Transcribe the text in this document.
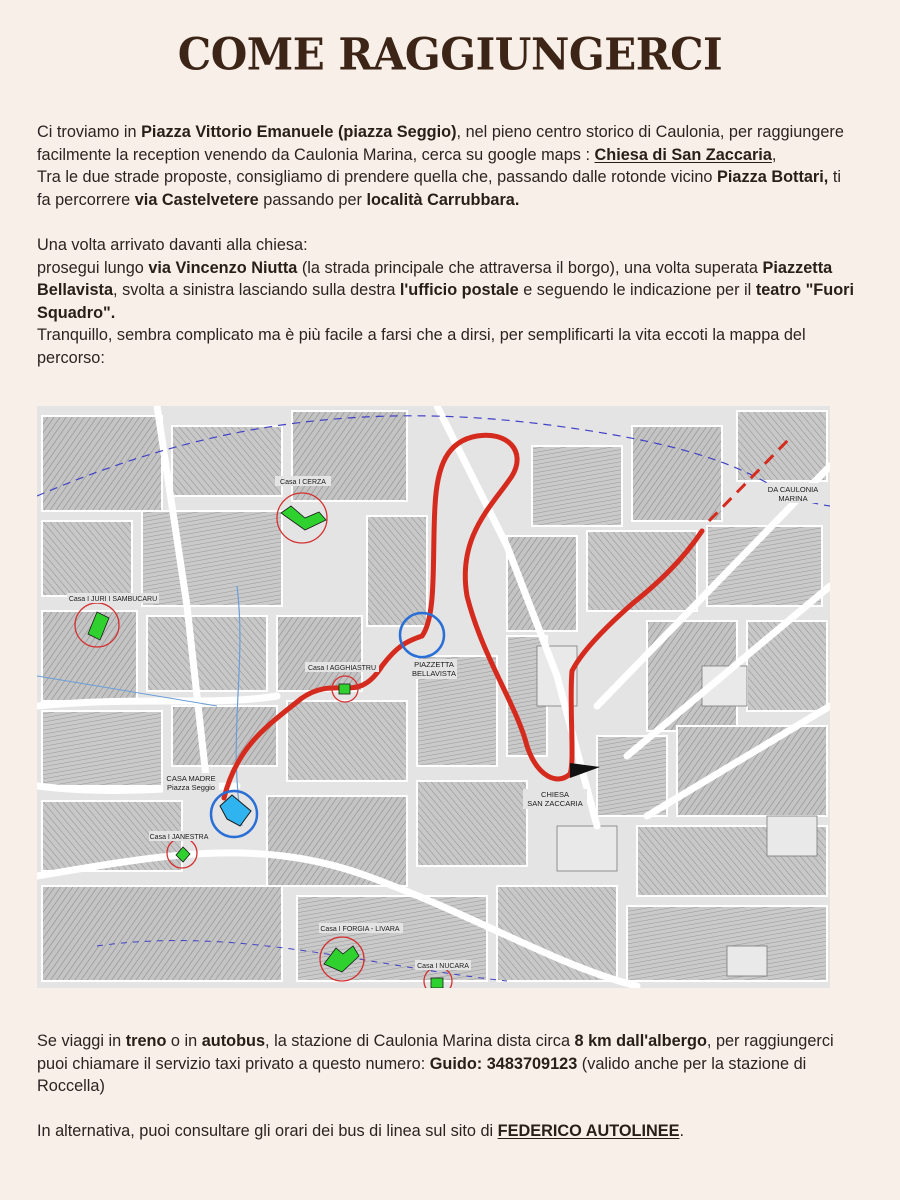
COME RAGGIUNGERCI

Ci troviamo in Piazza Vittorio Emanuele (piazza Seggio), nel pieno centro storico di Caulonia, per raggiungere facilmente la reception venendo da Caulonia Marina, cerca su google maps : Chiesa di San Zaccaria,

Tra le due strade proposte, consigliamo di prendere quella che, passando dalle rotonde vicino Piazza Bottari, ti fa percorrere via Castelvetere passando per località Carrubbara.

Una volta arrivato davanti alla chiesa:

prosegui lungo via Vincenzo Niutta (la strada principale che attraversa il borgo), una volta superata Piazzetta Bellavista, svolta a sinistra lasciando sulla destra l'ufficio postale e seguendo le indicazione per il teatro "Fuori Squadro".

Tranquillo, sembra complicato ma è più facile a farsi che a dirsi, per semplificarti la vita eccoti la mappa del percorso:

Casa I CERZA
Casa I JURI I SAMBUCARU
Casa I AGGHIASTRU	PIAZZETTA
BELLAVISTA
CASA MADRE
Piazza Seggio
Casa I JANESTRA
Casa I FORGIA - LIVARA
Casa I NUCARA
CHIESA
SAN ZACCARIA
DA CAULONIA
MARINA

Se viaggi in treno o in autobus, la stazione di Caulonia Marina dista circa 8 km dall'albergo, per raggiungerci puoi chiamare il servizio taxi privato a questo numero: Guido: 3483709123 (valido anche per la stazione di Roccella)

In alternativa, puoi consultare gli orari dei bus di linea sul sito di FEDERICO AUTOLINEE.
